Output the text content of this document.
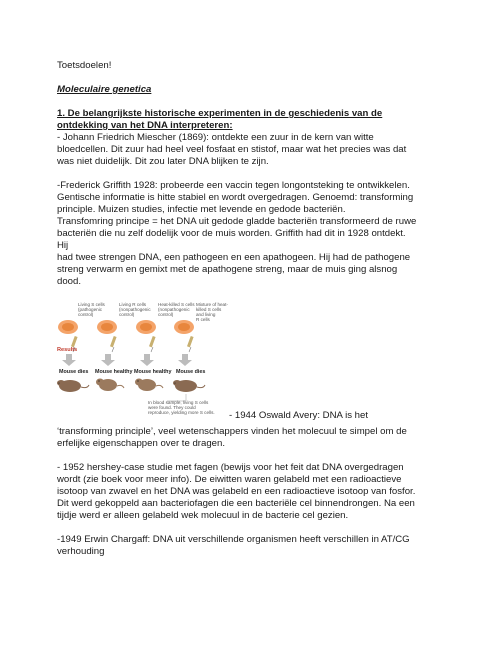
Toetsdoelen!

Moleculaire genetica

1. De belangrijkste historische experimenten in de geschiedenis van de ontdekking van het DNA interpreteren:

- Johann Friedrich Miescher (1869): ontdekte een zuur in de kern van witte

bloedcellen. Dit zuur had heel veel fosfaat en stistof, maar wat het precies was dat

was niet duidelijk. Dit zou later DNA blijken te zijn.

-Frederick Griffith 1928: probeerde een vaccin tegen longontsteking te ontwikkelen.

Gentische informatie is hitte stabiel en wordt overgedragen. Genoemd: transforming

principle. Muizen studies, infectie met levende en gedode bacteriën.

Transfomring principe = het DNA uit gedode gladde bacteriën transformeerd de ruwe

bacteriën die nu zelf dodelijk voor de muis worden. Griffith had dit in 1928 ontdekt. Hij

had twee strengen DNA, een pathogeen en een apathogeen. Hij had de pathogene

streng verwarm en gemixt met de apathogene streng, maar de muis ging alsnog

dood.

Living S cells
(pathogenic
control)
Living R cells
(nonpathogenic
control)
Heat-killed S cells
(nonpathogenic
control)
Mixture of heat-
killed S cells
and living
R cells
Results
Mouse dies Mouse healthy Mouse healthy Mouse dies
x	x
In blood sample, living S cells
were found. They could
reproduce, yielding more S cells. - 1944 Oswald Avery: DNA is het

‘transforming principle’, veel wetenschappers vinden het molecuul te simpel om de

erfelijke eigenschappen over te dragen.

- 1952 hershey-case studie met fagen (bewijs voor het feit dat DNA overgedragen

wordt (zie boek voor meer info). De eiwitten waren gelabeld met een radioactieve

isotoop van zwavel en het DNA was gelabeld en een radioactieve isotoop van fosfor.

Dit werd gekoppeld aan bacteriofagen die een bacteriële cel binnendrongen. Na een

tijdje werd er alleen gelabeld wek molecuul in de bacterie cel gezien.

-1949 Erwin Chargaff: DNA uit verschillende organismen heeft verschillen in AT/CG

verhouding
